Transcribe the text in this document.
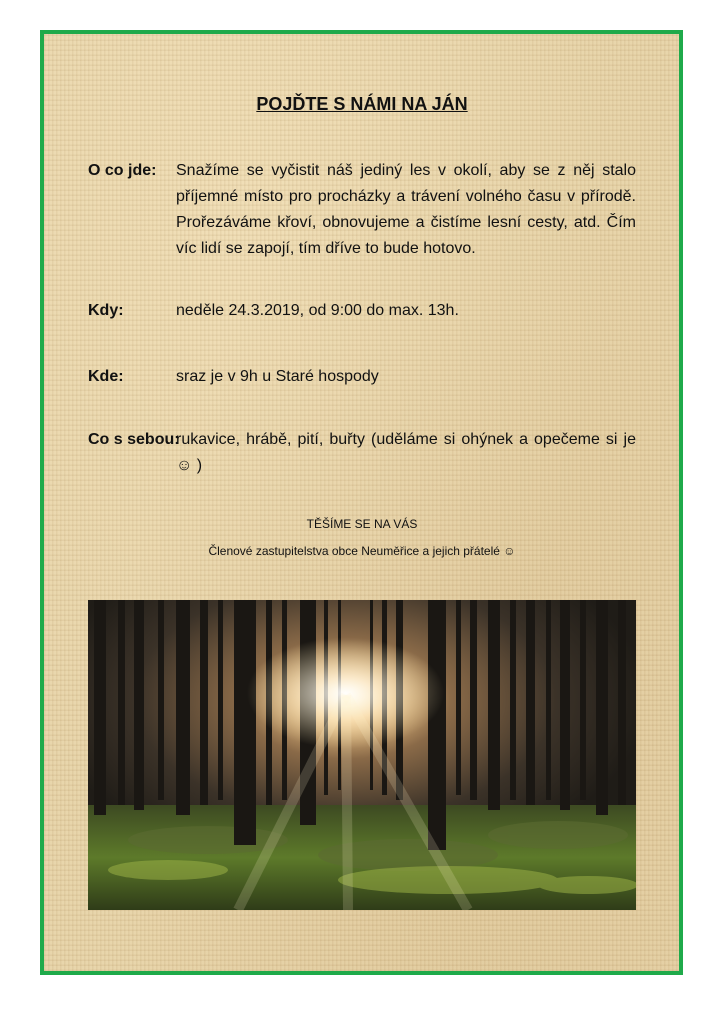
POJĎTE S NÁMI NA JÁN
O co jde: Snažíme se vyčistit náš jediný les v okolí, aby se z něj stalo příjemné místo pro procházky a trávení volného času v přírodě. Prořezáváme křoví, obnovujeme a čistíme lesní cesty, atd. Čím víc lidí se zapojí, tím dříve to bude hotovo.
Kdy:	neděle 24.3.2019, od 9:00 do max. 13h.
Kde:	sraz je v 9h u Staré hospody
Co s sebou:
rukavice, hrábě, pití, buřty (uděláme si ohýnek a opečeme si je ☺ )
TĚŠÍME SE NA VÁS
Členové zastupitelstva obce Neuměřice a jejich přátelé ☺
